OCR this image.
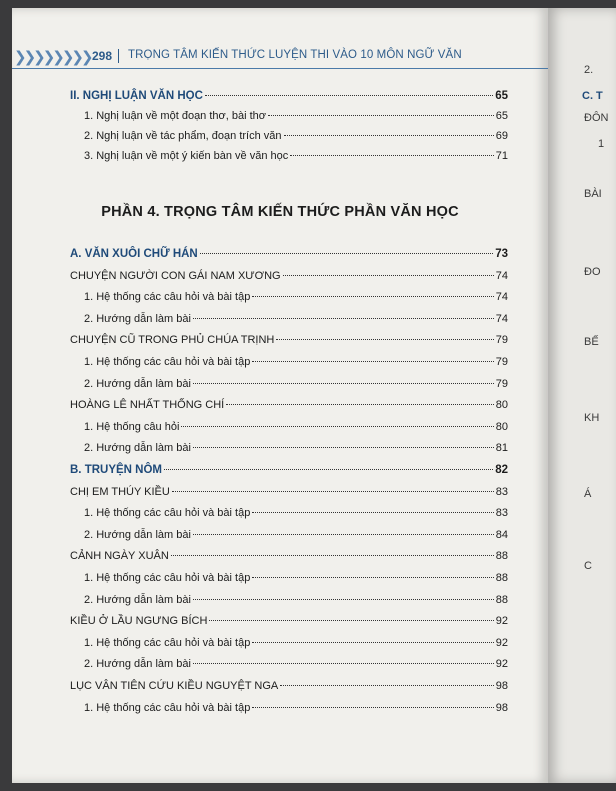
❯❯❯❯❯❯❯❯ 298 TRỌNG TÂM KIẾN THỨC LUYỆN THI VÀO 10 MÔN NGỮ VĂN
II. NGHỊ LUẬN VĂN HỌC	65
1. Nghị luận về một đoạn thơ, bài thơ	65
2. Nghị luận về tác phẩm, đoạn trích văn	69
3. Nghị luận về một ý kiến bàn về văn học	71
A. VĂN XUÔI CHỮ HÁN	73
CHUYỆN NGƯỜI CON GÁI NAM XƯƠNG	74
1. Hệ thống các câu hỏi và bài tập	74
2. Hướng dẫn làm bài	74
CHUYỆN CŨ TRONG PHỦ CHÚA TRỊNH	79
1. Hệ thống các câu hỏi và bài tập	79
2. Hướng dẫn làm bài	79
HOÀNG LÊ NHẤT THỐNG CHÍ	80
1. Hệ thống câu hỏi	80
2. Hướng dẫn làm bài	81
B. TRUYỆN NÔM	82
CHỊ EM THÚY KIỀU	83
1. Hệ thống các câu hỏi và bài tập	83
2. Hướng dẫn làm bài	84
CẢNH NGÀY XUÂN	88
1. Hệ thống các câu hỏi và bài tập	88
2. Hướng dẫn làm bài	88
KIỀU Ở LẦU NGƯNG BÍCH	92
1. Hệ thống các câu hỏi và bài tập	92
2. Hướng dẫn làm bài	92
LỤC VÂN TIÊN CỨU KIỀU NGUYỆT NGA	98
1. Hệ thống các câu hỏi và bài tập	98
PHẦN 4. TRỌNG TÂM KIẾN THỨC PHẦN VĂN HỌC
2.
C. T
ĐÔN
1
BÀI
ĐO
BẾ
KH
Á
C
